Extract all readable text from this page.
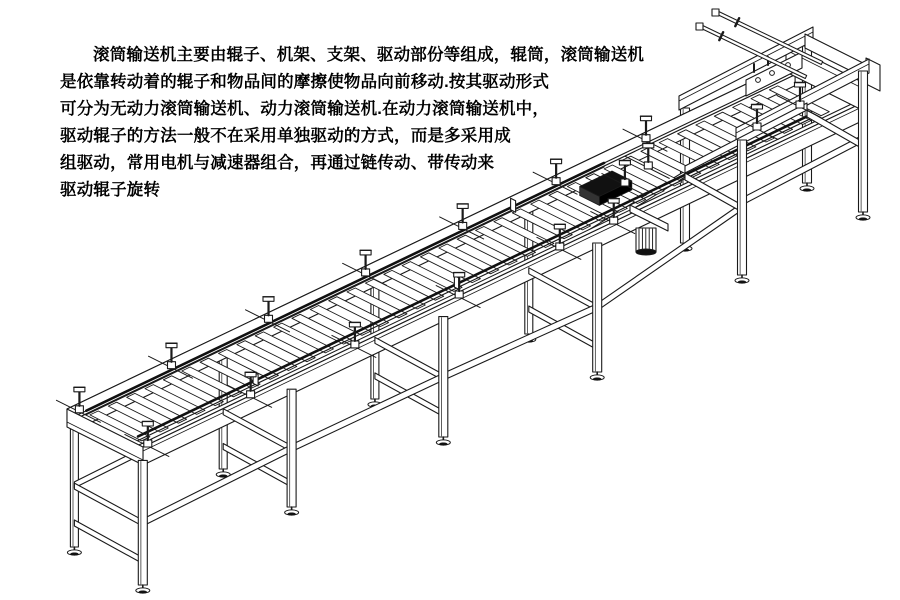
滚筒输送机主要由辊子、机架、支架、驱动部份等组成，辊筒，滚筒输送机
是依靠转动着的辊子和物品间的摩擦使物品向前移动.按其驱动形式
可分为无动力滚筒输送机、动力滚筒输送机.在动力滚筒输送机中，
驱动辊子的方法一般不在采用单独驱动的方式，而是多采用成
组驱动，常用电机与减速器组合，再通过链传动、带传动来
驱动辊子旋转
